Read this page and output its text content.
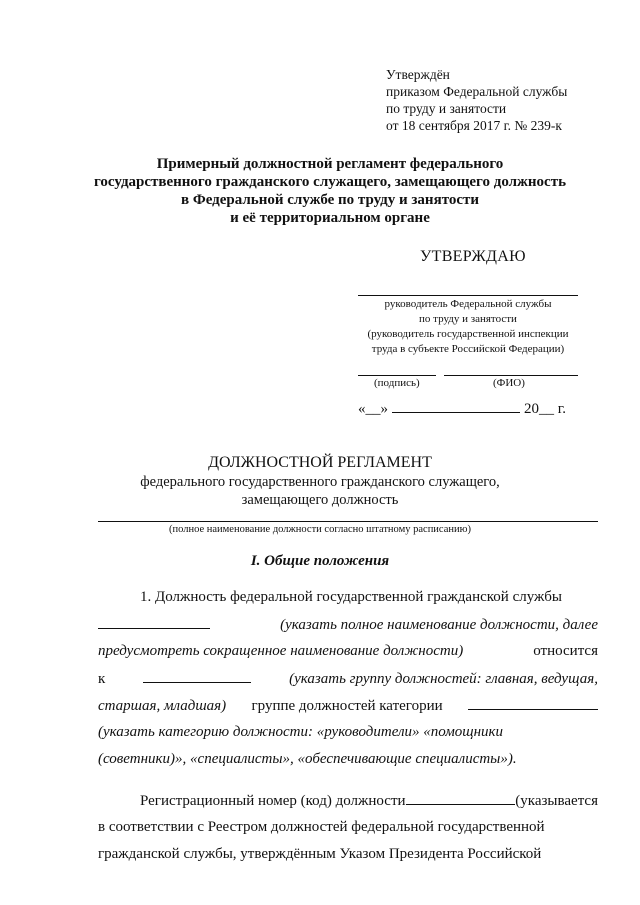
Утверждён
приказом Федеральной службы
по труду и занятости
от 18 сентября 2017 г. № 239-к
Примерный должностной регламент федерального
государственного гражданского служащего, замещающего должность
в Федеральной службе по труду и занятости
и её территориальном органе
УТВЕРЖДАЮ
руководитель Федеральной службы
по труду и занятости
(руководитель государственной инспекции
труда в субъекте Российской Федерации)
(подпись)	(ФИО)
«__»	20__ г.
ДОЛЖНОСТНОЙ РЕГЛАМЕНТ
федерального государственного гражданского служащего,
замещающего должность
(полное наименование должности согласно штатному расписанию)
I. Общие положения
1. Должность федеральной государственной гражданской службы
(указать полное наименование должности, далее
предусмотреть сокращенное наименование должности)	относится
к	(указать группу должностей: главная, ведущая,
старшая, младшая) группе должностей категории
(указать категорию должности: «руководители» «помощники
(советники)», «специалисты», «обеспечивающие специалисты»).
Регистрационный номер (код) должности	(указывается
в соответствии с Реестром должностей федеральной государственной
гражданской службы, утверждённым Указом Президента Российской
